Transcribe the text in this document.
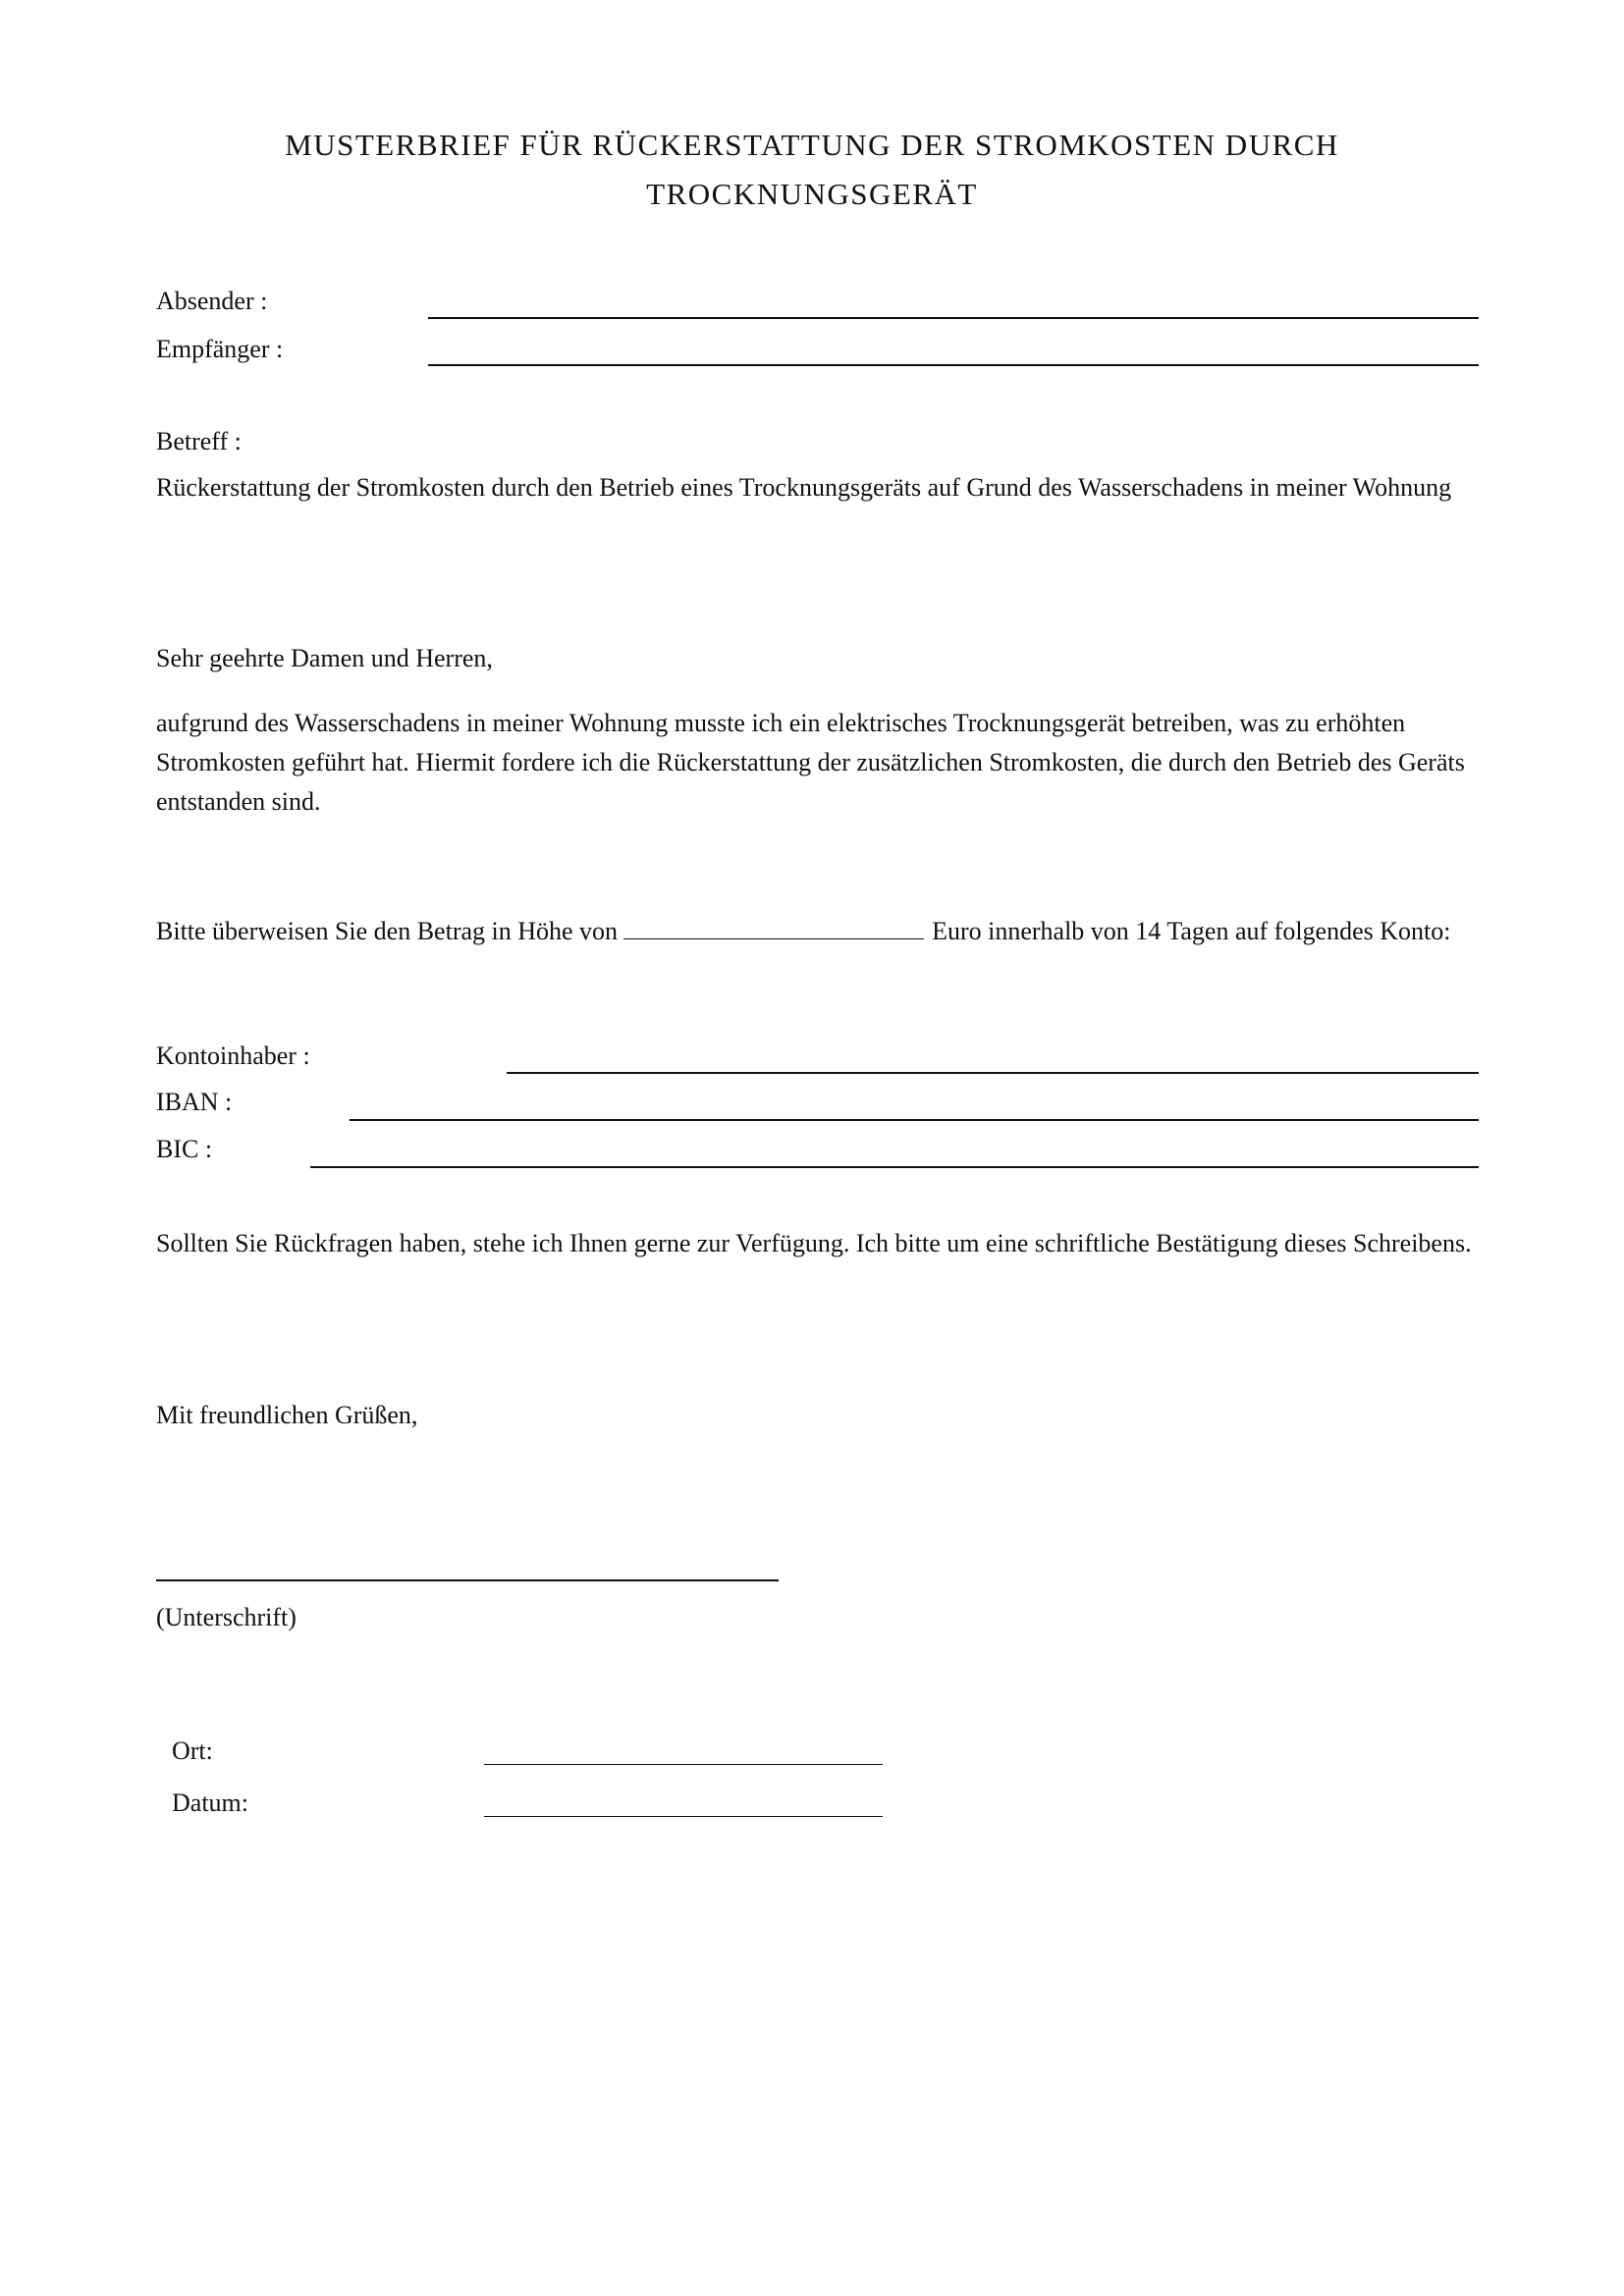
MUSTERBRIEF FÜR RÜCKERSTATTUNG DER STROMKOSTEN DURCH
TROCKNUNGSGERÄT
Absender :
Empfänger :
Betreff :
Rückerstattung der Stromkosten durch den Betrieb eines Trocknungsgeräts auf Grund des Wasserschadens in meiner Wohnung
Sehr geehrte Damen und Herren,
aufgrund des Wasserschadens in meiner Wohnung musste ich ein elektrisches Trocknungsgerät betreiben, was zu erhöhten Stromkosten geführt hat. Hiermit fordere ich die Rückerstattung der zusätzlichen Stromkosten, die durch den Betrieb des Geräts entstanden sind.
Bitte überweisen Sie den Betrag in Höhe von	Euro innerhalb von 14 Tagen auf folgendes Konto:
Kontoinhaber :
IBAN :
BIC :
Sollten Sie Rückfragen haben, stehe ich Ihnen gerne zur Verfügung. Ich bitte um eine schriftliche Bestätigung dieses Schreibens.
Mit freundlichen Grüßen,
(Unterschrift)
Ort:
Datum:
